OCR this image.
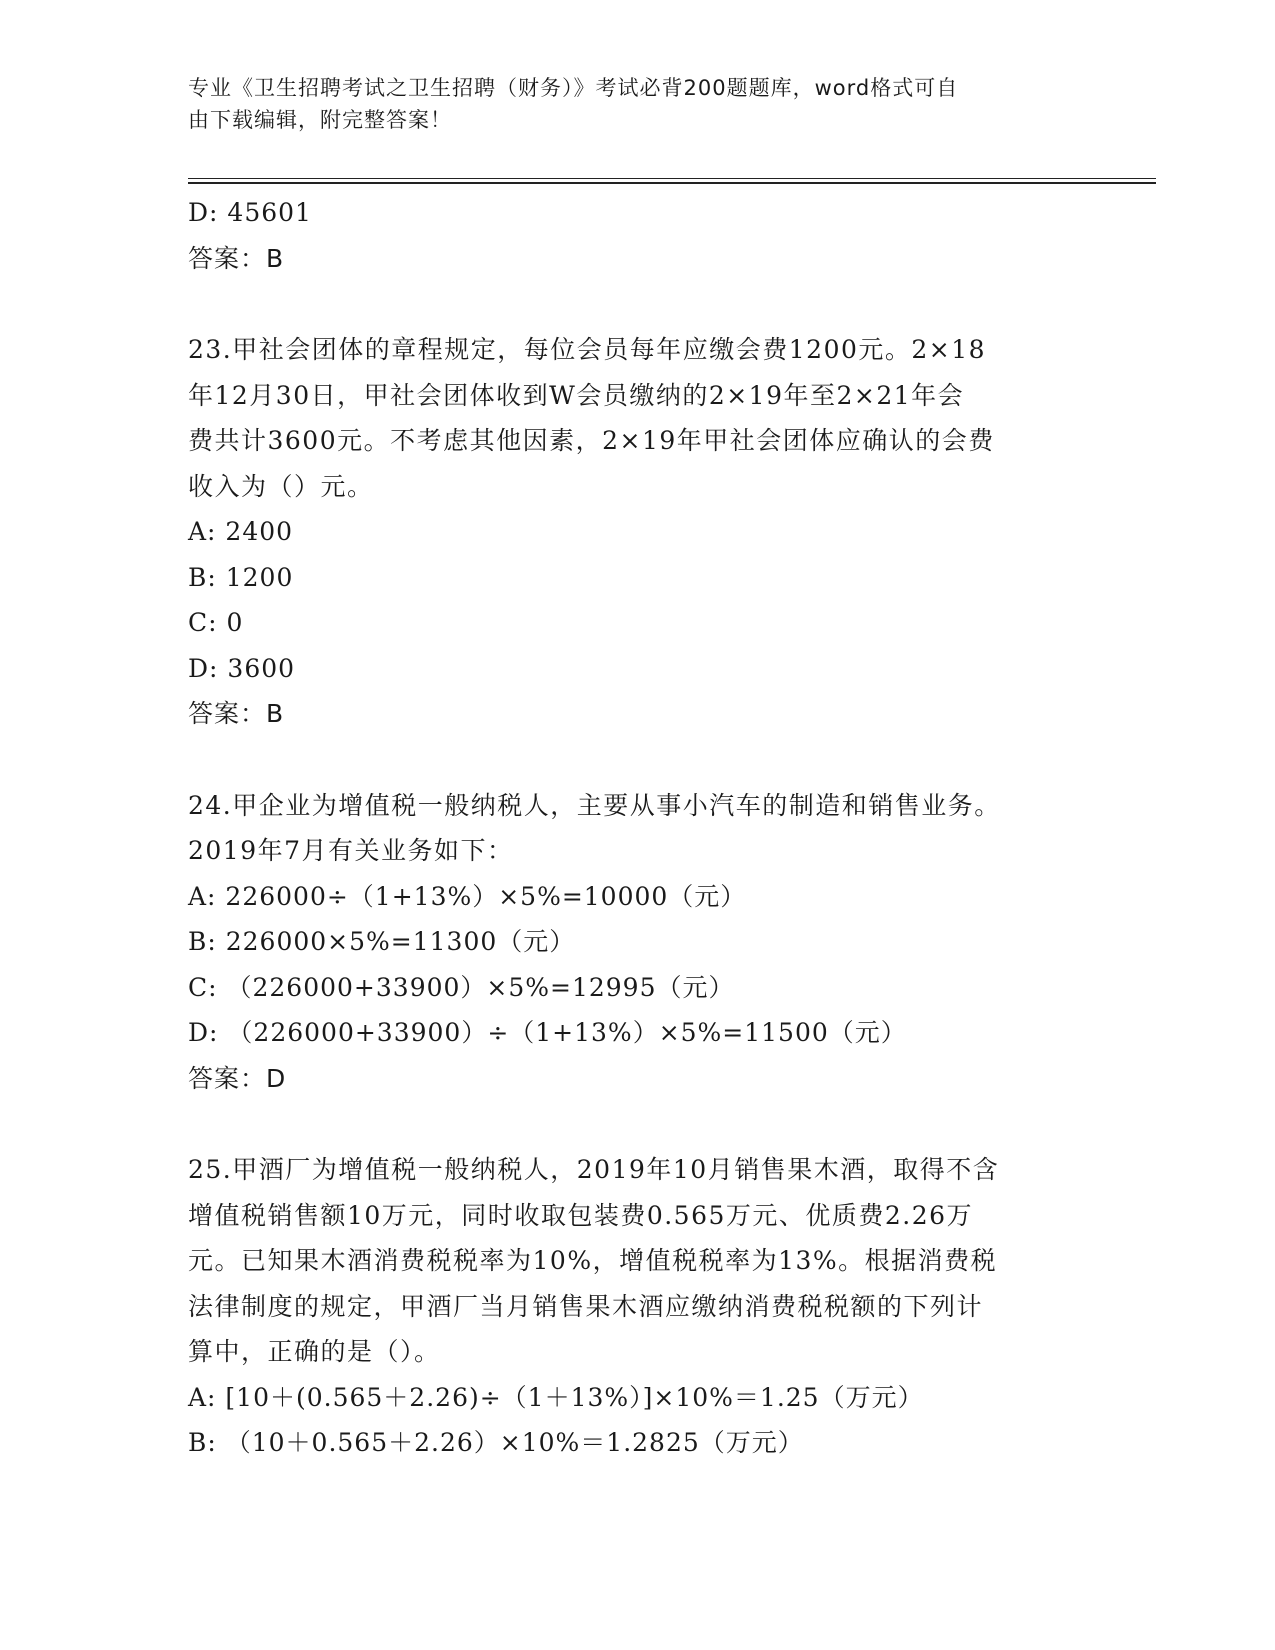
专业《卫生招聘考试之卫生招聘（财务）》考试必背200题题库，word格式可自
由下载编辑，附完整答案！
D: 45601
答案：B
23.甲社会团体的章程规定，每位会员每年应缴会费1200元。2×18
年12月30日，甲社会团体收到W会员缴纳的2×19年至2×21年会
费共计3600元。不考虑其他因素，2×19年甲社会团体应确认的会费
收入为（）元。
A: 2400
B: 1200
C: 0
D: 3600
答案：B
24.甲企业为增值税一般纳税人，主要从事小汽车的制造和销售业务。
2019年7月有关业务如下：
A: 226000÷（1+13%）×5%=10000（元）
B: 226000×5%=11300（元）
C: （226000+33900）×5%=12995（元）
D: （226000+33900）÷（1+13%）×5%=11500（元）
答案：D
25.甲酒厂为增值税一般纳税人，2019年10月销售果木酒，取得不含
增值税销售额10万元，同时收取包装费0.565万元、优质费2.26万
元。已知果木酒消费税税率为10%，增值税税率为13%。根据消费税
法律制度的规定，甲酒厂当月销售果木酒应缴纳消费税税额的下列计
算中，正确的是（）。
A: [10＋(0.565＋2.26)÷（1＋13%）]×10%＝1.25（万元）
B: （10＋0.565＋2.26）×10%＝1.2825（万元）
